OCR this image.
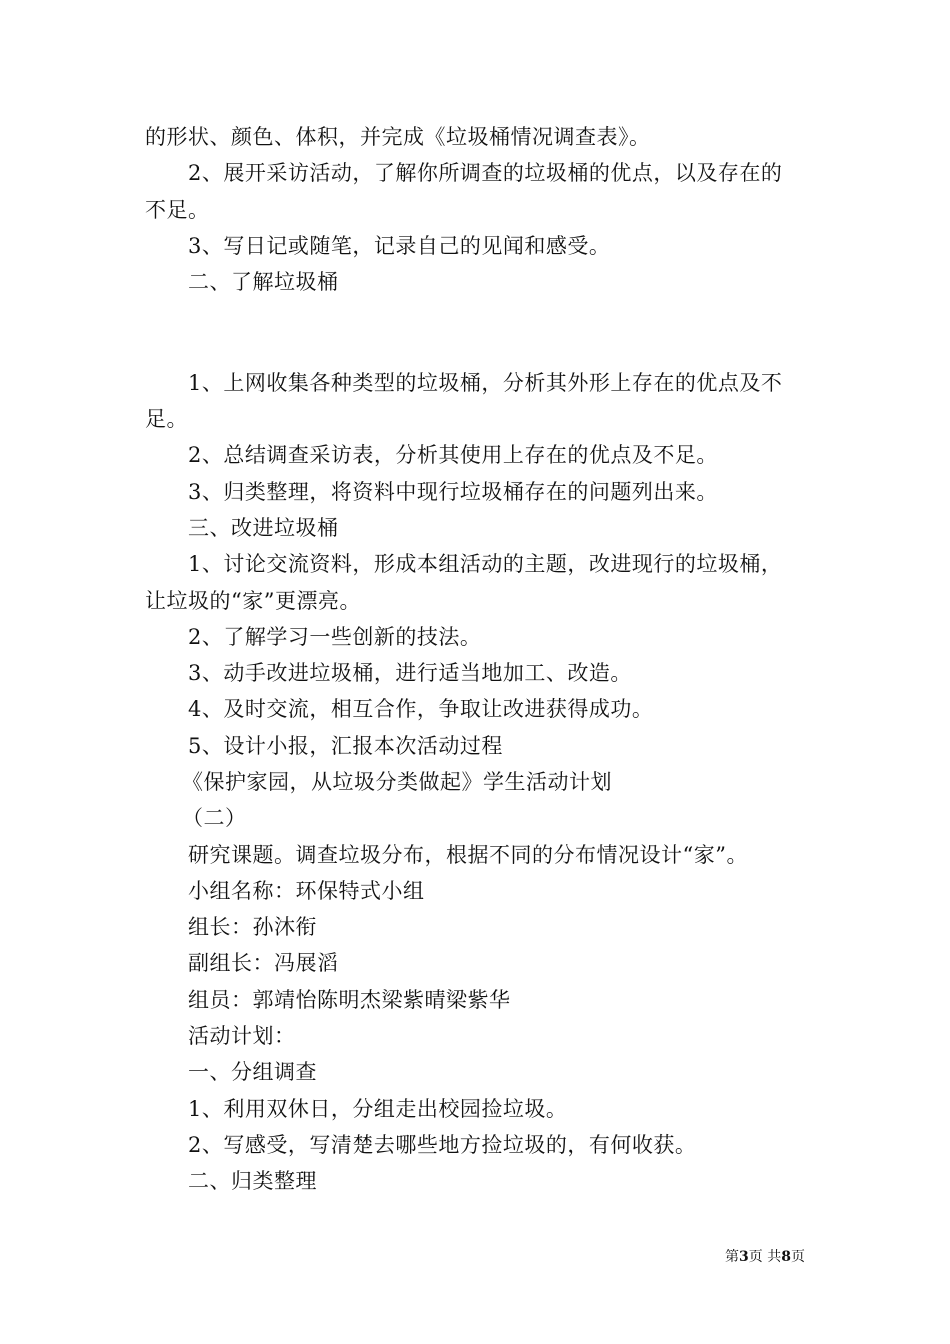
的形状、颜色、体积，并完成《垃圾桶情况调查表》。
2、展开采访活动，了解你所调查的垃圾桶的优点，以及存在的
不足。
3、写日记或随笔，记录自己的见闻和感受。
二、了解垃圾桶
1、上网收集各种类型的垃圾桶，分析其外形上存在的优点及不
足。
2、总结调查采访表，分析其使用上存在的优点及不足。
3、归类整理，将资料中现行垃圾桶存在的问题列出来。
三、改进垃圾桶
1、讨论交流资料，形成本组活动的主题，改进现行的垃圾桶，
让垃圾的“家”更漂亮。
2、了解学习一些创新的技法。
3、动手改进垃圾桶，进行适当地加工、改造。
4、及时交流，相互合作，争取让改进获得成功。
5、设计小报，汇报本次活动过程
《保护家园，从垃圾分类做起》学生活动计划
（二）
研究课题。调查垃圾分布，根据不同的分布情况设计“家”。
小组名称：环保特式小组
组长：孙沐衔
副组长：冯展滔
组员：郭靖怡陈明杰梁紫晴梁紫华
活动计划：
一、分组调查
1、利用双休日，分组走出校园捡垃圾。
2、写感受，写清楚去哪些地方捡垃圾的，有何收获。
二、归类整理
第3页 共8页
